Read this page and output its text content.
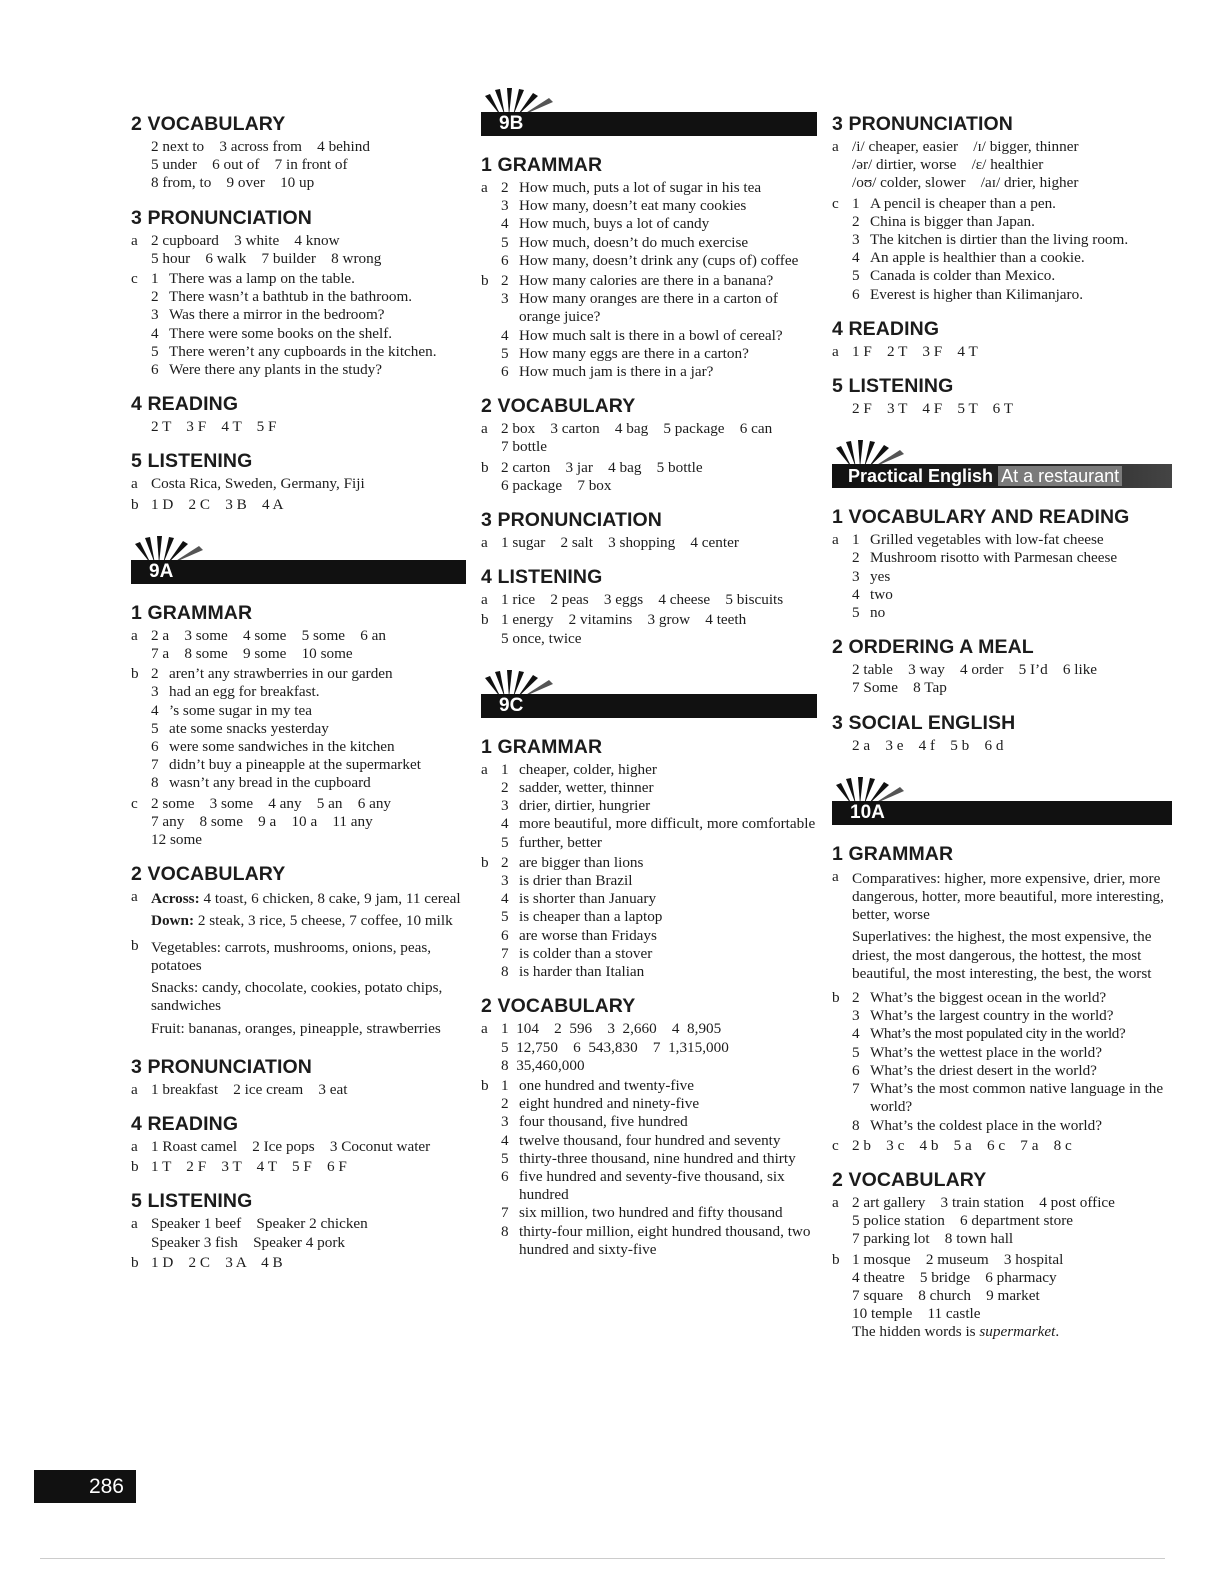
2 VOCABULARY
2 next to    3 across from    4 behind
5 under    6 out of    7 in front of
8 from, to    9 over    10 up
3 PRONUNCIATION
a 2 cupboard    3 white    4 know
5 hour    6 walk    7 builder    8 wrong
c 1 There was a lamp on the table.
2 There wasn’t a bathtub in the bathroom.
3 Was there a mirror in the bedroom?
4 There were some books on the shelf.
5 There weren’t any cupboards in the kitchen.
6 Were there any plants in the study?
4 READING
2 T    3 F    4 T    5 F
5 LISTENING
a Costa Rica, Sweden, Germany, Fiji
b 1 D    2 C    3 B    4 A
9A
1 GRAMMAR
a 2 a    3 some    4 some    5 some    6 an
7 a    8 some    9 some    10 some
b 2 aren’t any strawberries in our garden
3 had an egg for breakfast.
4 ’s some sugar in my tea
5 ate some snacks yesterday
6 were some sandwiches in the kitchen
7 didn’t buy a pineapple at the supermarket
8 wasn’t any bread in the cupboard
c 2 some    3 some    4 any    5 an    6 any
7 any    8 some    9 a    10 a    11 any
12 some
2 VOCABULARY
a Across: 4 toast, 6 chicken, 8 cake, 9 jam, 11 cereal
Down: 2 steak, 3 rice, 5 cheese, 7 coffee, 10 milk
b Vegetables: carrots, mushrooms, onions, peas, potatoes
Snacks: candy, chocolate, cookies, potato chips, sandwiches
Fruit: bananas, oranges, pineapple, strawberries
3 PRONUNCIATION
a 1 breakfast    2 ice cream    3 eat
4 READING
a 1 Roast camel    2 Ice pops    3 Coconut water
b 1 T    2 F    3 T    4 T    5 F    6 F
5 LISTENING
a Speaker 1 beef    Speaker 2 chicken
Speaker 3 fish    Speaker 4 pork
b 1 D    2 C    3 A    4 B
9B
1 GRAMMAR
a 2 How much, puts a lot of sugar in his tea
3 How many, doesn’t eat many cookies
4 How much, buys a lot of candy
5 How much, doesn’t do much exercise
6 How many, doesn’t drink any (cups of) coffee
b 2 How many calories are there in a banana?
3 How many oranges are there in a carton of orange juice?
4 How much salt is there in a bowl of cereal?
5 How many eggs are there in a carton?
6 How much jam is there in a jar?
2 VOCABULARY
a 2 box    3 carton    4 bag    5 package    6 can
7 bottle
b 2 carton    3 jar    4 bag    5 bottle
6 package    7 box
3 PRONUNCIATION
a 1 sugar    2 salt    3 shopping    4 center
4 LISTENING
a 1 rice    2 peas    3 eggs    4 cheese    5 biscuits
b 1 energy    2 vitamins    3 grow    4 teeth
5 once, twice
9C
1 GRAMMAR
a 1 cheaper, colder, higher
2 sadder, wetter, thinner
3 drier, dirtier, hungrier
4 more beautiful, more difficult, more comfortable
5 further, better
b 2 are bigger than lions
3 is drier than Brazil
4 is shorter than January
5 is cheaper than a laptop
6 are worse than Fridays
7 is colder than a stover
8 is harder than Italian
2 VOCABULARY
a 1  104    2  596    3  2,660    4  8,905
5  12,750    6  543,830    7  1,315,000
8  35,460,000
b 1 one hundred and twenty-five
2 eight hundred and ninety-five
3 four thousand, five hundred
4 twelve thousand, four hundred and seventy
5 thirty-three thousand, nine hundred and thirty
6 five hundred and seventy-five thousand, six hundred
7 six million, two hundred and fifty thousand
8 thirty-four million, eight hundred thousand, two hundred and sixty-five
3 PRONUNCIATION
a /i/ cheaper, easier    /ɪ/ bigger, thinner
/ər/ dirtier, worse    /ɛ/ healthier
/oʊ/ colder, slower    /aɪ/ drier, higher
c 1 A pencil is cheaper than a pen.
2 China is bigger than Japan.
3 The kitchen is dirtier than the living room.
4 An apple is healthier than a cookie.
5 Canada is colder than Mexico.
6 Everest is higher than Kilimanjaro.
4 READING
a 1 F    2 T    3 F    4 T
5 LISTENING
2 F    3 T    4 F    5 T    6 T
Practical English At a restaurant
1 VOCABULARY AND READING
a 1 Grilled vegetables with low-fat cheese
2 Mushroom risotto with Parmesan cheese
3 yes
4 two
5 no
2 ORDERING A MEAL
2 table    3 way    4 order    5 I’d    6 like
7 Some    8 Tap
3 SOCIAL ENGLISH
2 a    3 e    4 f    5 b    6 d
10A
1 GRAMMAR
a Comparatives: higher, more expensive, drier, more dangerous, hotter, more beautiful, more interesting, better, worse
Superlatives: the highest, the most expensive, the driest, the most dangerous, the hottest, the most beautiful, the most interesting, the best, the worst
b 2 What’s the biggest ocean in the world?
3 What’s the largest country in the world?
4 What’s the most populated city in the world?
5 What’s the wettest place in the world?
6 What’s the driest desert in the world?
7 What’s the most common native language in the world?
8 What’s the coldest place in the world?
c 2 b    3 c    4 b    5 a    6 c    7 a    8 c
2 VOCABULARY
a 2 art gallery    3 train station    4 post office
5 police station    6 department store
7 parking lot    8 town hall
b 1 mosque    2 museum    3 hospital
4 theatre    5 bridge    6 pharmacy
7 square    8 church    9 market
10 temple    11 castle
The hidden words is supermarket.
286
